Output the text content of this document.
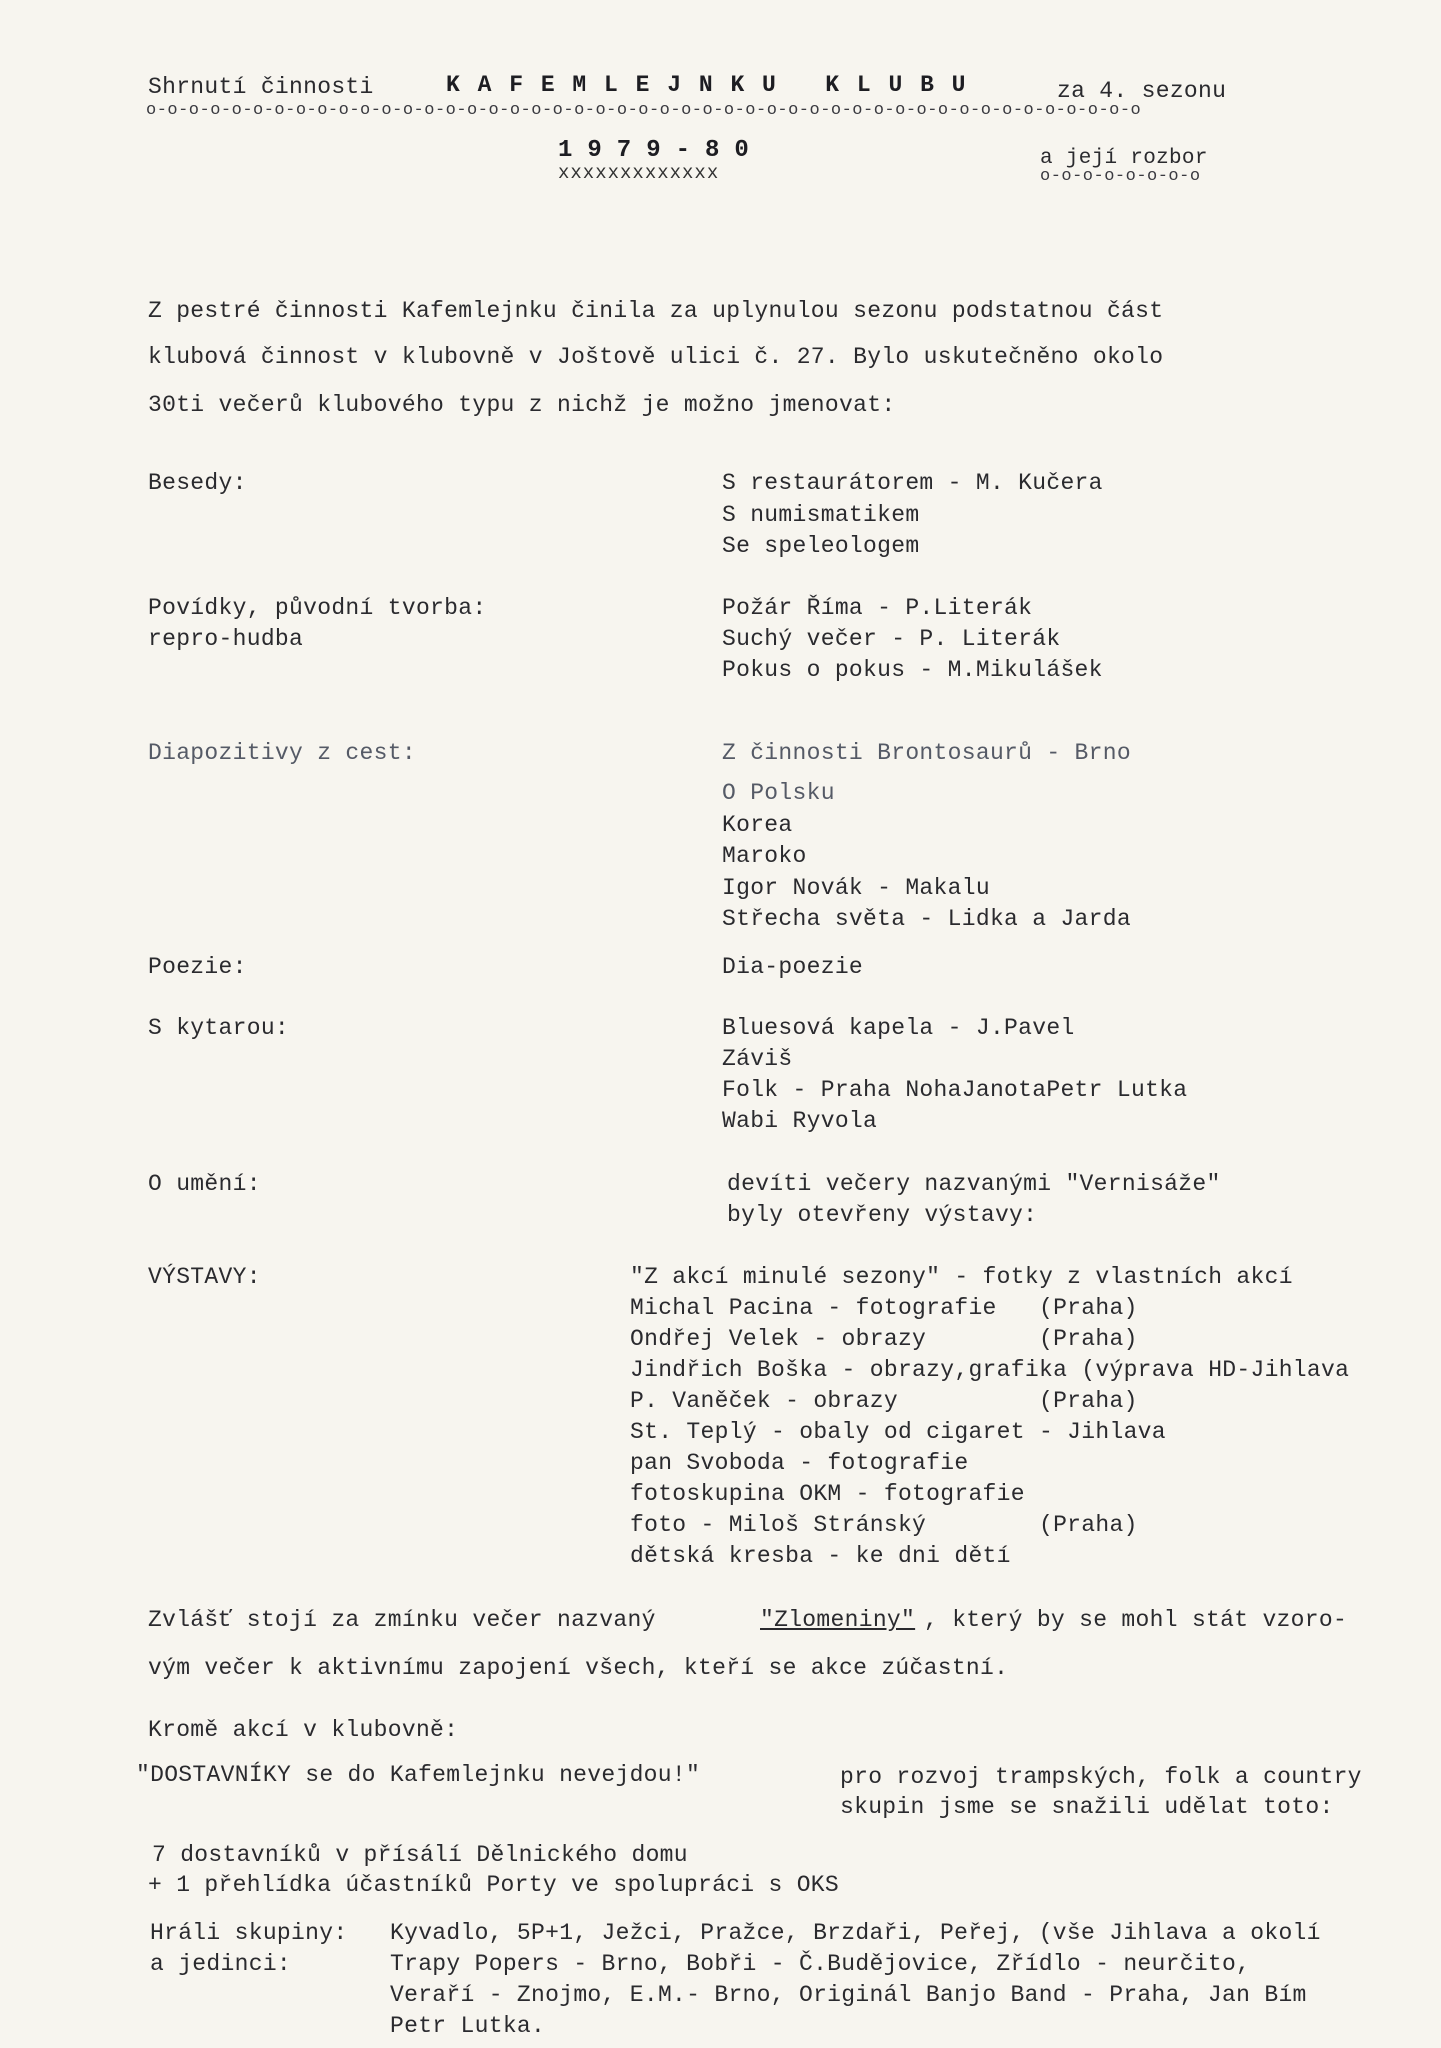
Shrnutí činnosti	K A F E M L E J N K U   K L U B U	za 4. sezonu
o-o-o-o-o-o-o-o-o-o-o-o-o-o-o-o-o-o-o-o-o-o-o-o-o-o-o-o-o-o-o-o-o-o-o-o-o-o-o-o-o-o-o-o-o-o-o
1 9 7 9 - 8 0
xxxxxxxxxxxxx
a její rozbor
o-o-o-o-o-o-o-o
Z pestré činnosti Kafemlejnku činila za uplynulou sezonu podstatnou část
klubová činnost v klubovně v Joštově ulici č. 27. Bylo uskutečněno okolo
30ti večerů klubového typu z nichž je možno jmenovat:
Besedy:	S restaurátorem - M. Kučera
S numismatikem
Se speleologem
Povídky, původní tvorba:
repro-hudba
Požár Říma - P.Literák
Suchý večer - P. Literák
Pokus o pokus - M.Mikulášek
Diapozitivy z cest:	Z činnosti Brontosaurů - Brno
O Polsku
Korea
Maroko
Igor Novák - Makalu
Střecha světa - Lidka a Jarda
Poezie:	Dia-poezie
S kytarou:	Bluesová kapela - J.Pavel
Záviš
Folk - Praha NohaJanotaPetr Lutka
Wabi Ryvola
O umění:	devíti večery nazvanými "Vernisáže"
byly otevřeny výstavy:
VÝSTAVY:	"Z akcí minulé sezony" - fotky z vlastních akcí
Michal Pacina - fotografie   (Praha)
Ondřej Velek - obrazy        (Praha)
Jindřich Boška - obrazy,grafika (výprava HD-Jihlava
P. Vaněček - obrazy          (Praha)
St. Teplý - obaly od cigaret - Jihlava
pan Svoboda - fotografie
fotoskupina OKM - fotografie
foto - Miloš Stránský        (Praha)
dětská kresba - ke dni dětí
Zvlášť stojí za zmínku večer nazvaný	"Zlomeniny" , který by se mohl stát vzoro-
vým večer k aktivnímu zapojení všech, kteří se akce zúčastní.
Kromě akcí v klubovně:
"DOSTAVNÍKY se do Kafemlejnku nevejdou!"	pro rozvoj trampských, folk a country
skupin jsme se snažili udělat toto:
7 dostavníků v přísálí Dělnického domu
+ 1 přehlídka účastníků Porty ve spolupráci s OKS
Hráli skupiny: Kyvadlo, 5P+1, Ježci, Pražce, Brzdaři, Peřej, (vše Jihlava a okolí
a jedinci:	Trapy Popers - Brno, Bobři - Č.Budějovice, Zřídlo - neurčito,
Veraří - Znojmo, E.M.- Brno, Originál Banjo Band - Praha, Jan Bím
Petr Lutka.
